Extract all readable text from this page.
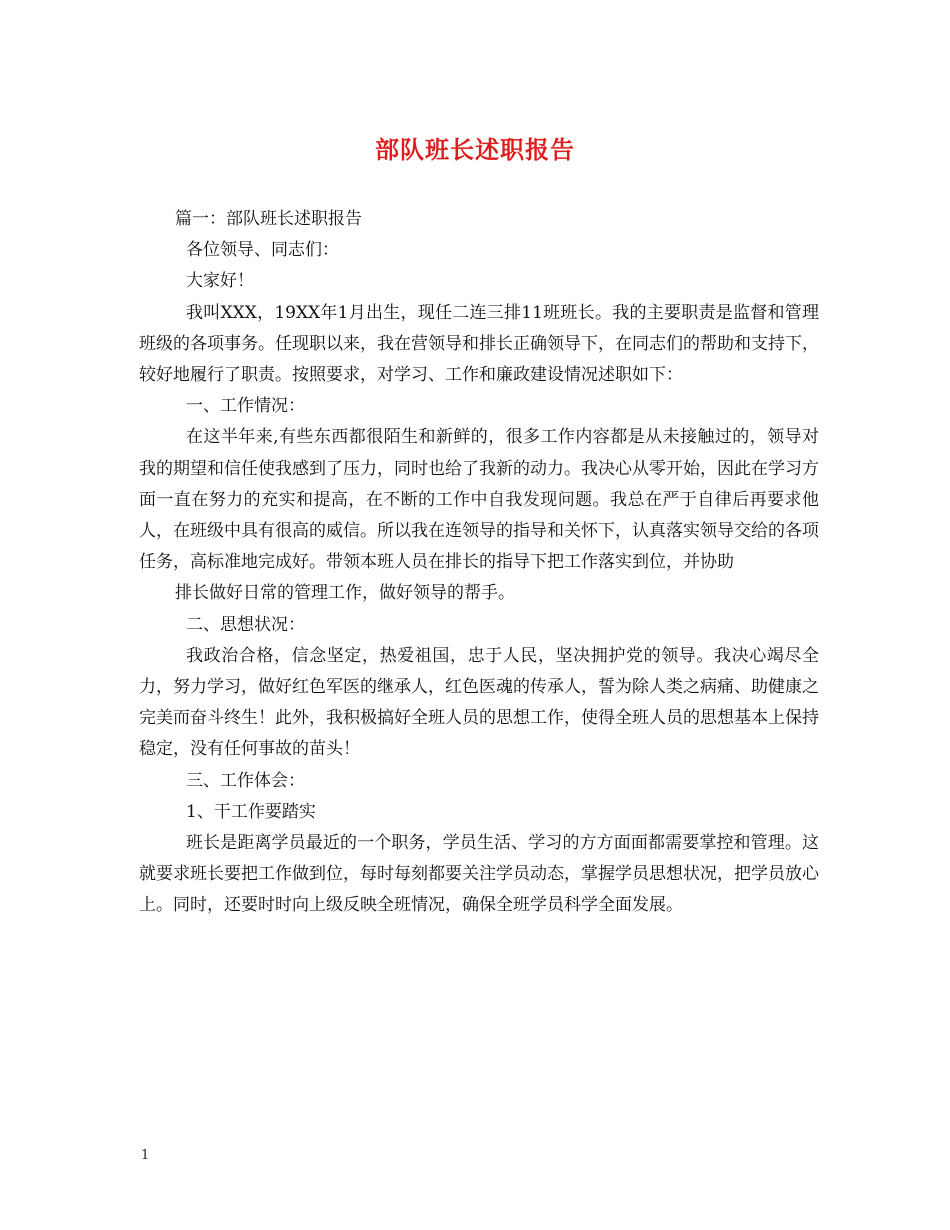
部队班长述职报告

篇一：部队班长述职报告

各位领导、同志们：

大家好！

我叫XXX，19XX年1月出生，现任二连三排11班班长。我的主要职责是监督和管理班级的各项事务。任现职以来，我在营领导和排长正确领导下，在同志们的帮助和支持下，较好地履行了职责。按照要求，对学习、工作和廉政建设情况述职如下：

一、工作情况：

在这半年来,有些东西都很陌生和新鲜的，很多工作内容都是从未接触过的，领导对我的期望和信任使我感到了压力，同时也给了我新的动力。我决心从零开始，因此在学习方面一直在努力的充实和提高，在不断的工作中自我发现问题。我总在严于自律后再要求他人，在班级中具有很高的威信。所以我在连领导的指导和关怀下，认真落实领导交给的各项任务，高标准地完成好。带领本班人员在排长的指导下把工作落实到位，并协助

排长做好日常的管理工作，做好领导的帮手。

二、思想状况：

我政治合格，信念坚定，热爱祖国，忠于人民，坚决拥护党的领导。我决心竭尽全力，努力学习，做好红色军医的继承人，红色医魂的传承人，誓为除人类之病痛、助健康之完美而奋斗终生！此外，我积极搞好全班人员的思想工作，使得全班人员的思想基本上保持稳定，没有任何事故的苗头！

三、工作体会：

1、干工作要踏实

班长是距离学员最近的一个职务，学员生活、学习的方方面面都需要掌控和管理。这就要求班长要把工作做到位，每时每刻都要关注学员动态，掌握学员思想状况，把学员放心上。同时，还要时时向上级反映全班情况，确保全班学员科学全面发展。

1
